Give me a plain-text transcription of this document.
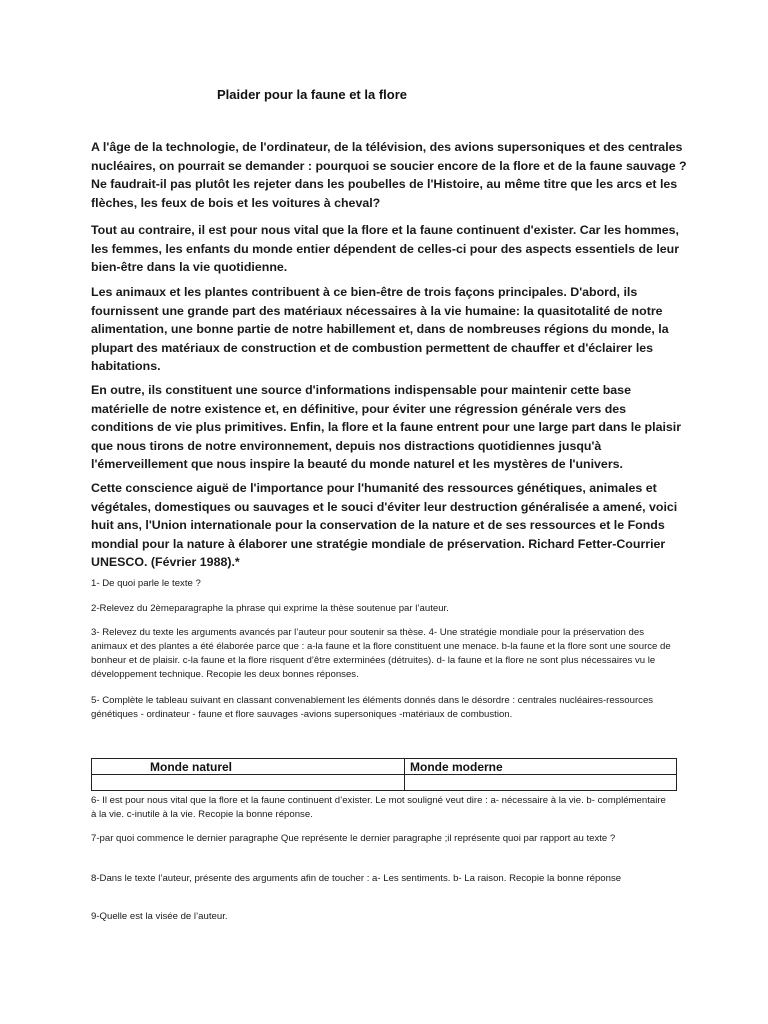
Plaider pour la faune et la flore
A l'âge de la technologie, de l'ordinateur, de la télévision, des avions supersoniques et des centrales nucléaires, on pourrait se demander : pourquoi se soucier encore de la flore et de la faune sauvage ? Ne faudrait-il pas plutôt les rejeter dans les poubelles de l'Histoire, au même titre que les arcs et les flèches, les feux de bois et les voitures à cheval?
Tout au contraire, il est pour nous vital que la flore et la faune continuent d'exister. Car les hommes, les femmes, les enfants du monde entier dépendent de celles-ci pour des aspects essentiels de leur bien-être dans la vie quotidienne.
Les animaux et les plantes contribuent à ce bien-être de trois façons principales. D'abord, ils fournissent une grande part des matériaux nécessaires à la vie humaine: la quasitotalité de notre alimentation, une bonne partie de notre habillement et, dans de nombreuses régions du monde, la plupart des matériaux de construction et de combustion permettent de chauffer et d'éclairer les habitations.
En outre, ils constituent une source d'informations indispensable pour maintenir cette base matérielle de notre existence et, en définitive, pour éviter une régression générale vers des conditions de vie plus primitives. Enfin, la flore et la faune entrent pour une large part dans le plaisir que nous tirons de notre environnement, depuis nos distractions quotidiennes jusqu'à l'émerveillement que nous inspire la beauté du monde naturel et les mystères de l'univers.
Cette conscience aiguë de l'importance pour l'humanité des ressources génétiques, animales et végétales, domestiques ou sauvages et le souci d'éviter leur destruction généralisée a amené, voici huit ans, l'Union internationale pour la conservation de la nature et de ses ressources et le Fonds mondial pour la nature à élaborer une stratégie mondiale de préservation. Richard Fetter-Courrier UNESCO. (Février 1988).*
1- De quoi parle le texte ?
2-Relevez du 2èmeparagraphe la phrase qui exprime la thèse soutenue par l’auteur.
3- Relevez du texte les arguments avancés par l’auteur pour soutenir sa thèse. 4- Une stratégie mondiale pour la préservation des animaux et des plantes a été élaborée parce que : a-la faune et la flore constituent une menace. b-la faune et la flore sont une source de bonheur et de plaisir. c-la faune et la flore risquent d’être exterminées (détruites). d- la faune et la flore ne sont plus nécessaires vu le développement technique. Recopie les deux bonnes réponses.
5- Complète le tableau suivant en classant convenablement les éléments donnés dans le désordre : centrales nucléaires-ressources génétiques - ordinateur - faune et flore sauvages -avions supersoniques -matériaux de combustion.
Monde naturel	Monde moderne

6- Il est pour nous vital que la flore et la faune continuent d’exister. Le mot souligné veut dire : a- nécessaire à la vie. b- complémentaire à la vie. c-inutile à la vie. Recopie la bonne réponse.
7-par quoi commence le dernier paragraphe Que représente le dernier paragraphe ;il représente quoi par rapport au texte ?
8-Dans le texte l’auteur, présente des arguments afin de toucher : a- Les sentiments. b- La raison. Recopie la bonne réponse
9-Quelle est la visée de l’auteur.
